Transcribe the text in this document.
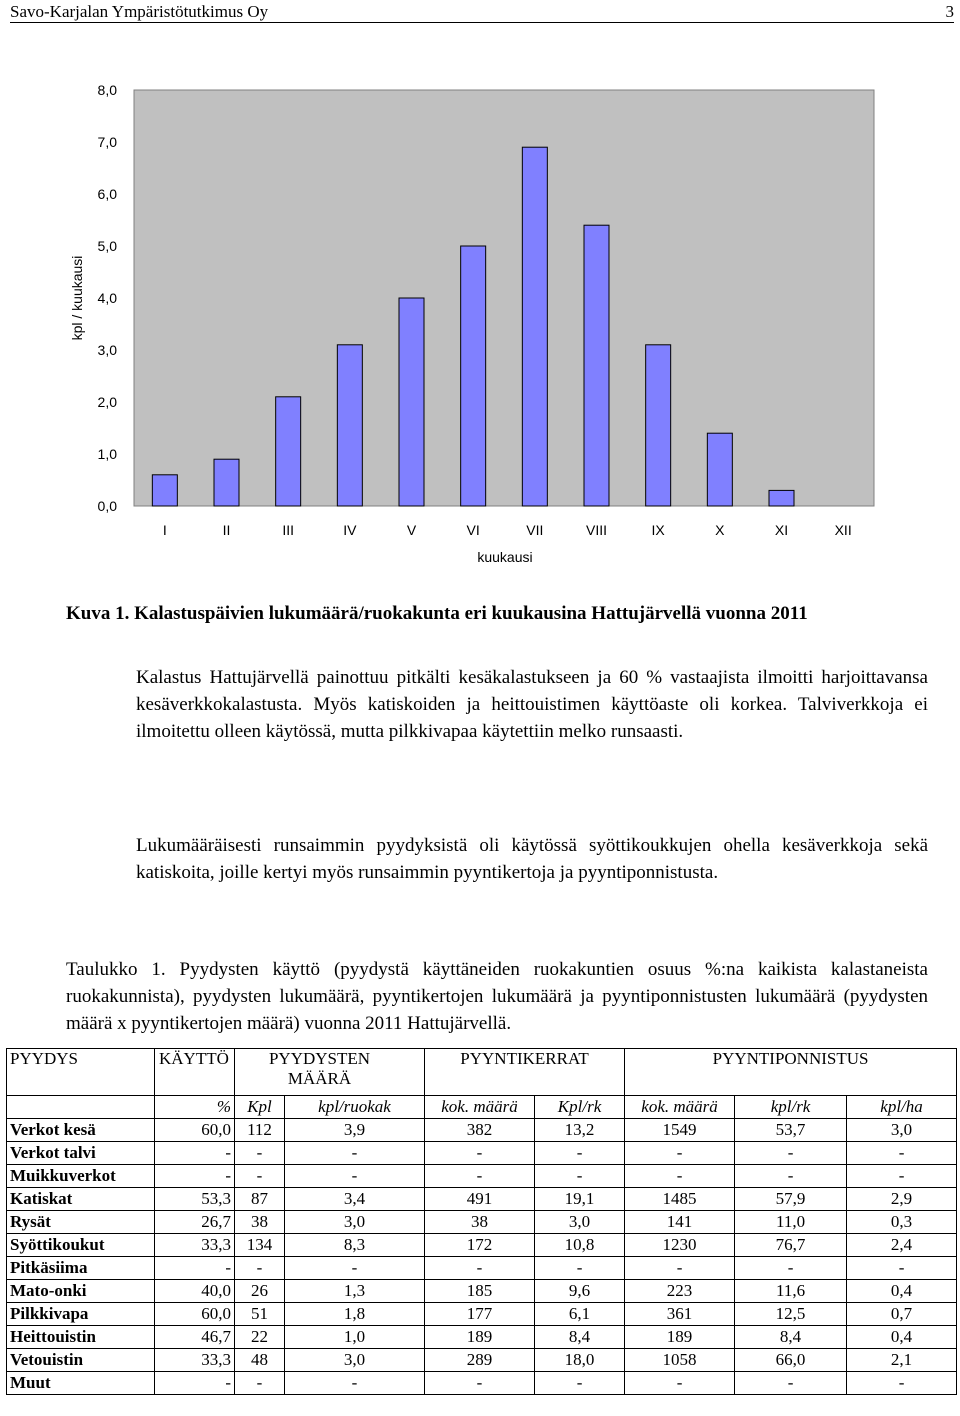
Savo-Karjalan Ympäristötutkimus Oy	3
0,0
1,0
2,0
3,0
4,0
5,0
6,0
7,0
8,0
I	II	III	IV	V	VI	VII	VIII	IX	X	XI	XII
kuukausi
kpl / kuukausi
Kuva 1. Kalastuspäivien lukumäärä/ruokakunta eri kuukausina Hattujärvellä vuonna 2011
Kalastus Hattujärvellä painottuu pitkälti kesäkalastukseen ja 60 % vastaajista ilmoitti harjoittavansa kesäverkkokalastusta. Myös katiskoiden ja heittouistimen käyttöaste oli korkea. Talviverkkoja ei ilmoitettu olleen käytössä, mutta pilkkivapaa käytettiin melko runsaasti.
Lukumääräisesti runsaimmin pyydyksistä oli käytössä syöttikoukkujen ohella kesäverkkoja sekä katiskoita, joille kertyi myös runsaimmin pyyntikertoja ja pyyntiponnistusta.
Taulukko 1. Pyydysten käyttö (pyydystä käyttäneiden ruokakuntien osuus %:na kaikista kalastaneista ruokakunnista), pyydysten lukumäärä, pyyntikertojen lukumäärä ja pyyntiponnistusten lukumäärä (pyydysten määrä x pyyntikertojen määrä) vuonna 2011 Hattujärvellä.
PYYDYS	KÄYTTÖ	PYYDYSTEN MÄÄRÄ		PYYNTIKERRAT		PYYNTIPONNISTUS		
	%	Kpl	kpl/ruokak	kok. määrä	Kpl/rk	kok. määrä	kpl/rk	kpl/ha
Verkot kesä	60,0	112	3,9	382	13,2	1549	53,7	3,0
Verkot talvi	-	-	-	-	-	-	-	-
Muikkuverkot	-	-	-	-	-	-	-	-
Katiskat	53,3	87	3,4	491	19,1	1485	57,9	2,9
Rysät	26,7	38	3,0	38	3,0	141	11,0	0,3
Syöttikoukut	33,3	134	8,3	172	10,8	1230	76,7	2,4
Pitkäsiima	-	-	-	-	-	-	-	-
Mato-onki	40,0	26	1,3	185	9,6	223	11,6	0,4
Pilkkivapa	60,0	51	1,8	177	6,1	361	12,5	0,7
Heittouistin	46,7	22	1,0	189	8,4	189	8,4	0,4
Vetouistin	33,3	48	3,0	289	18,0	1058	66,0	2,1
Muut	-	-	-	-	-	-	-	-
